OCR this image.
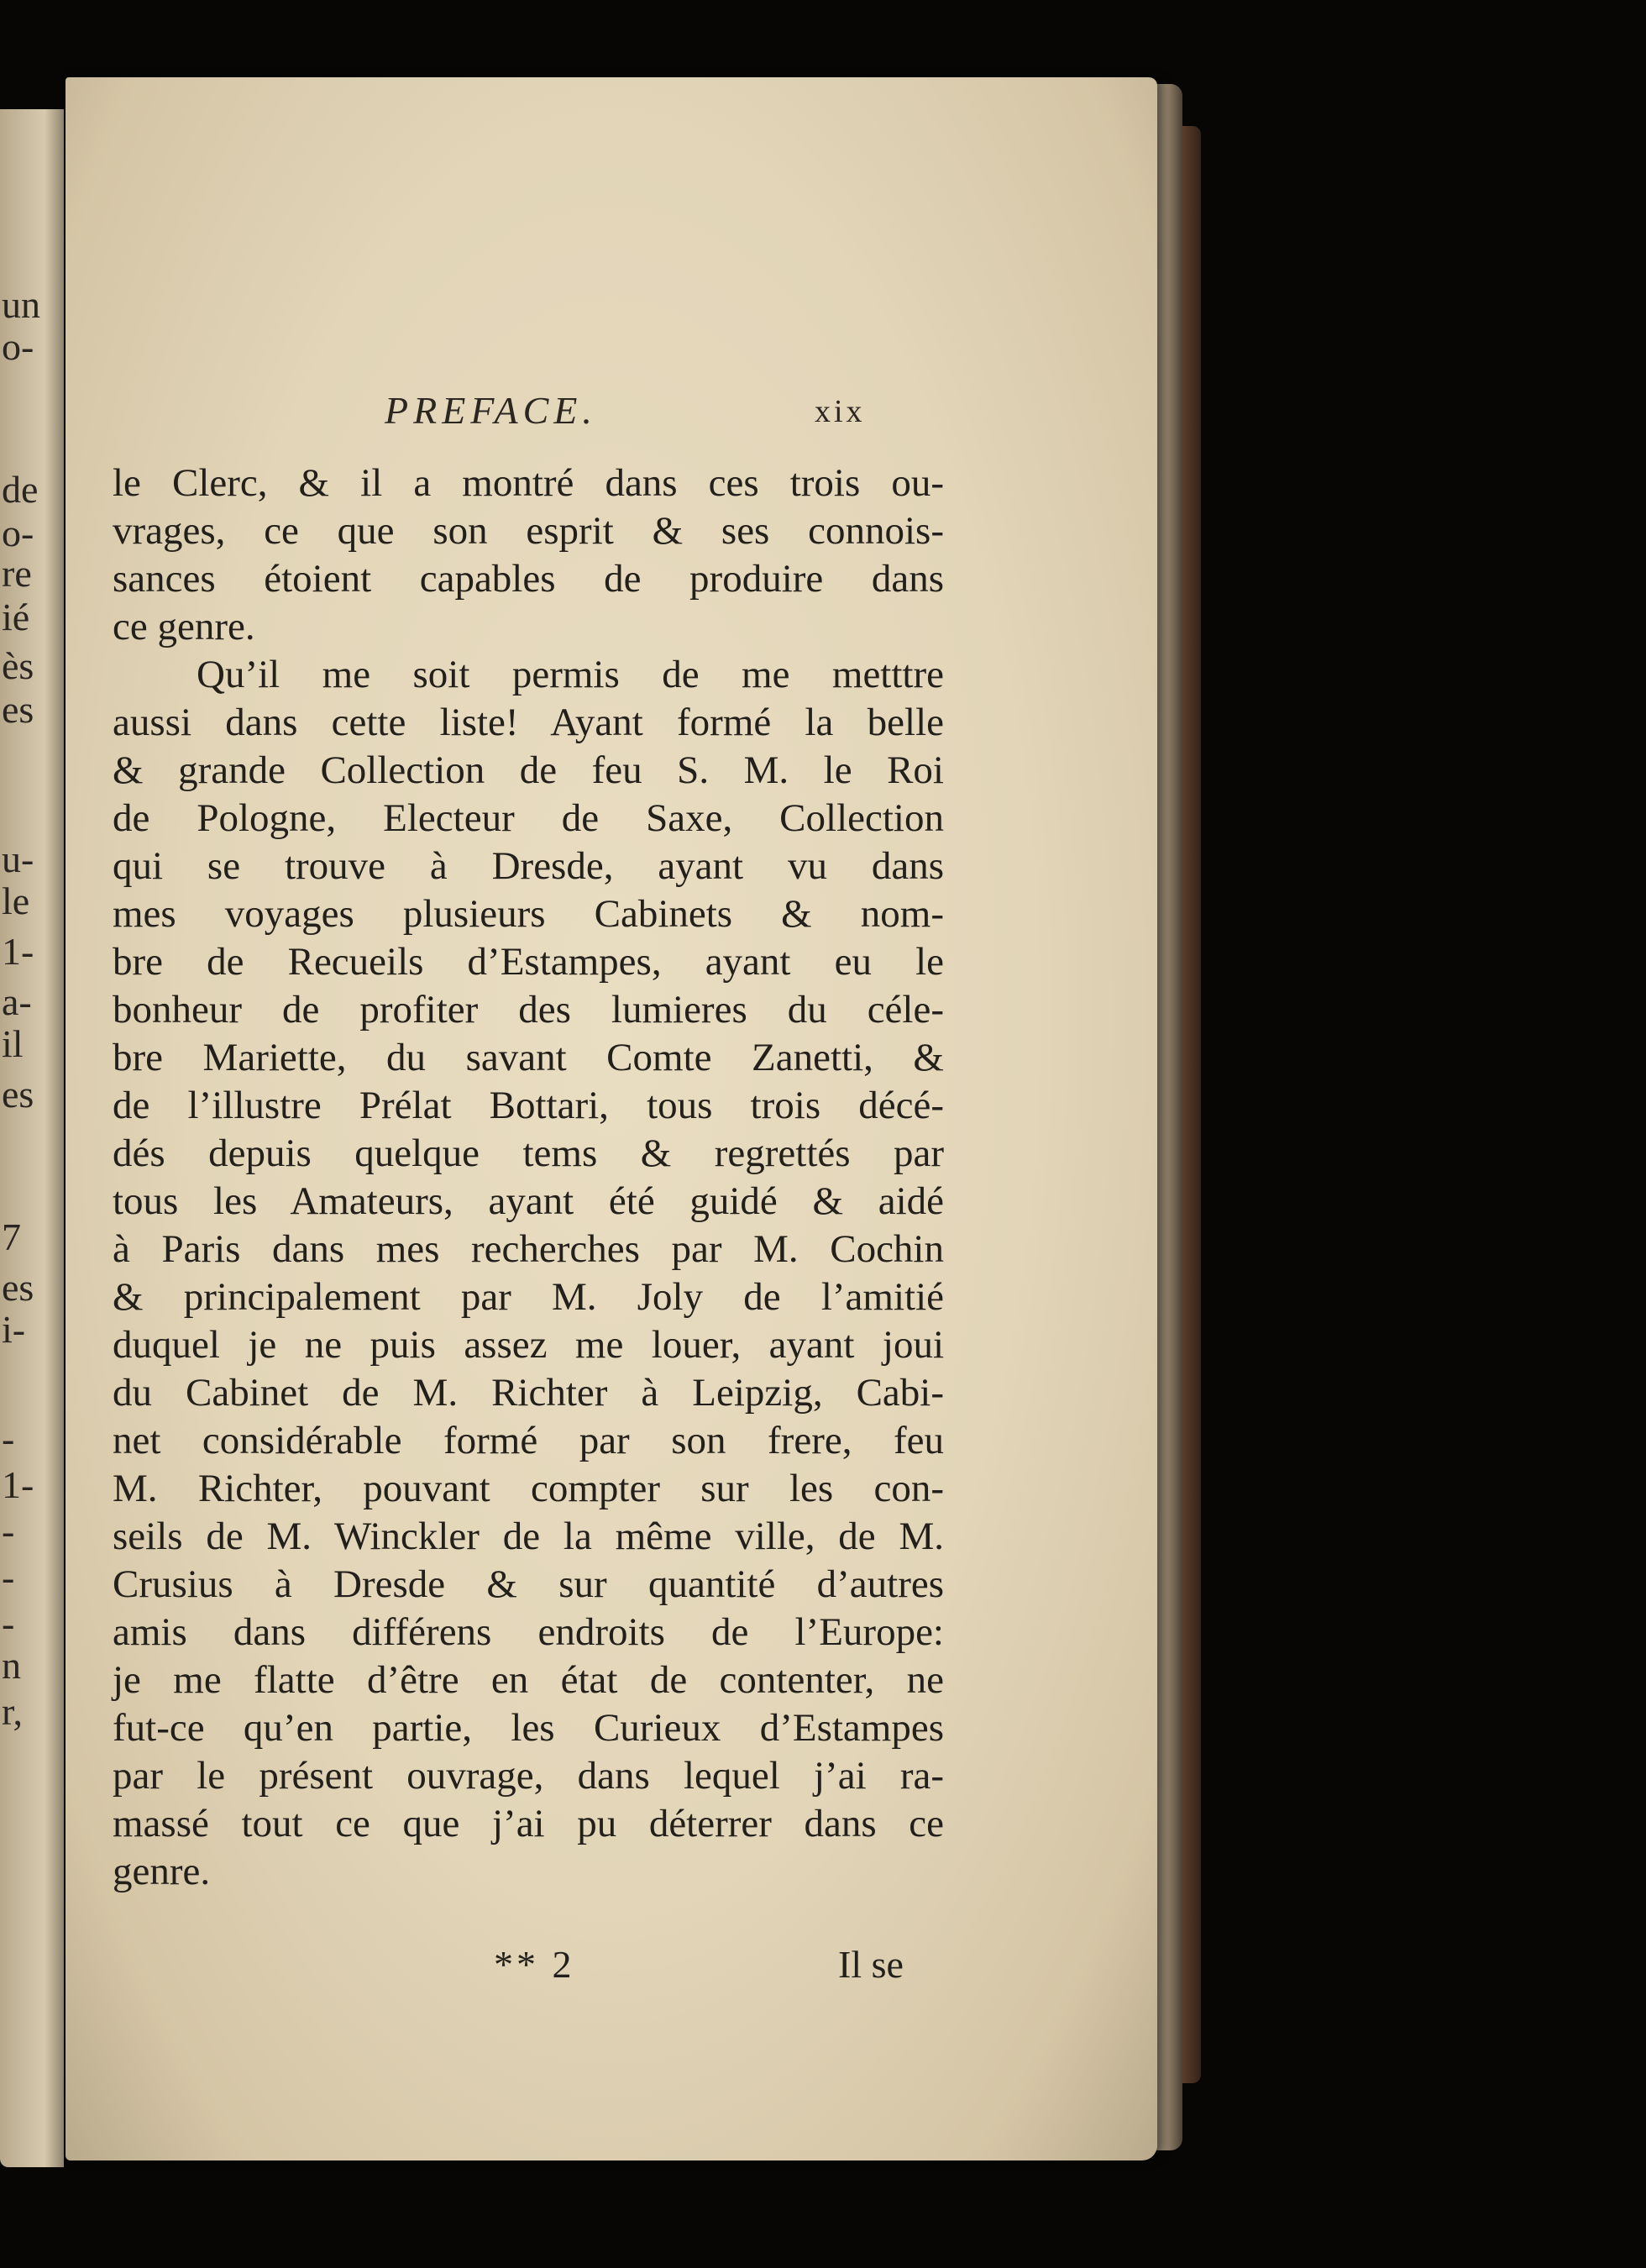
un
o-
de
o-
re
ié
ès
es
u-
le
1-
a-
il
es
7
es
i-
-
1-
-
-
-
n
r,
PREFACE.	xix
le Clerc, & il a montré dans ces trois ou-
vrages, ce que son esprit & ses connois-
sances étoient capables de produire dans
ce genre.
Qu’il me soit permis de me metttre
aussi dans cette liste! Ayant formé la belle
& grande Collection de feu S. M. le Roi
de Pologne, Electeur de Saxe, Collection
qui se trouve à Dresde, ayant vu dans
mes voyages plusieurs Cabinets & nom-
bre de Recueils d’Estampes, ayant eu le
bonheur de profiter des lumieres du céle-
bre Mariette, du savant Comte Zanetti, &
de l’illustre Prélat Bottari, tous trois décé-
dés depuis quelque tems & regrettés par
tous les Amateurs, ayant été guidé & aidé
à Paris dans mes recherches par M. Cochin
& principalement par M. Joly de l’amitié
duquel je ne puis assez me louer, ayant joui
du Cabinet de M. Richter à Leipzig, Cabi-
net considérable formé par son frere, feu
M. Richter, pouvant compter sur les con-
seils de M. Winckler de la même ville, de M.
Crusius à Dresde & sur quantité d’autres
amis dans différens endroits de l’Europe:
je me flatte d’être en état de contenter, ne
fut-ce qu’en partie, les Curieux d’Estampes
par le présent ouvrage, dans lequel j’ai ra-
massé tout ce que j’ai pu déterrer dans ce
genre.
** 2	Il se
